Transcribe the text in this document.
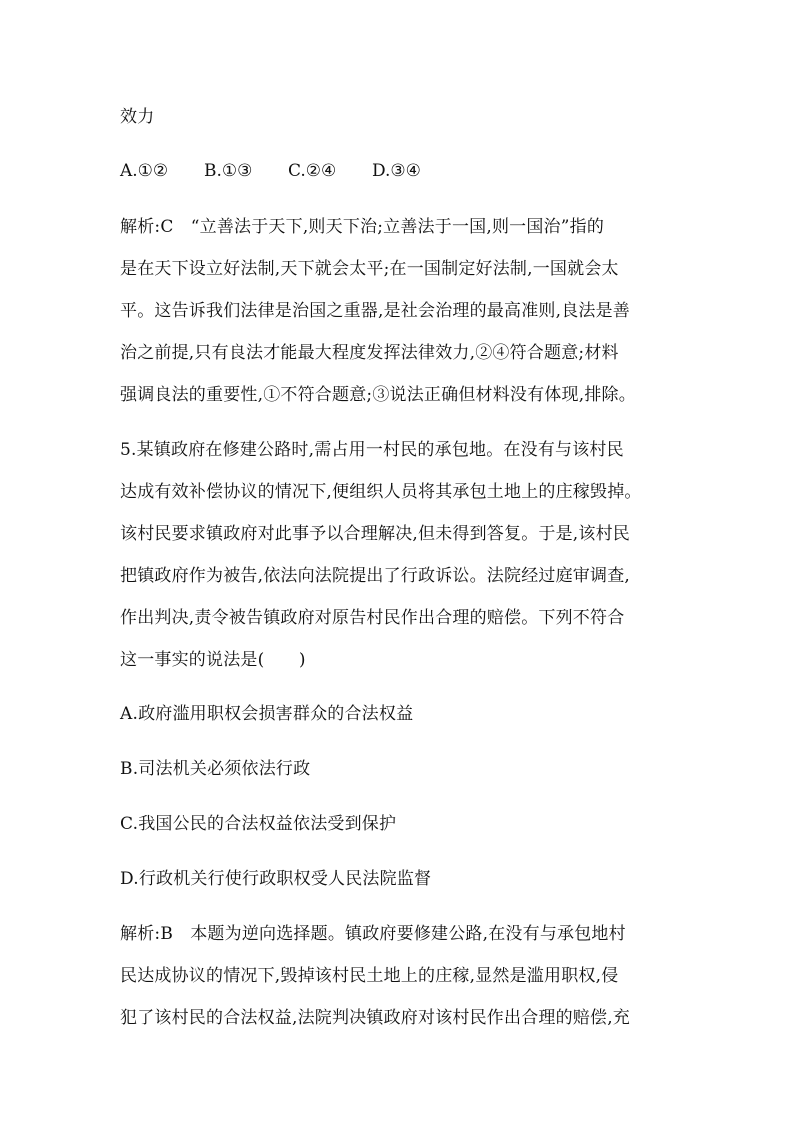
效力
A.①② B.①③ C.②④ D.③④
解析:C　“立善法于天下,则天下治;立善法于一国,则一国治”指的
是在天下设立好法制,天下就会太平;在一国制定好法制,一国就会太
平。这告诉我们法律是治国之重器,是社会治理的最高准则,良法是善
治之前提,只有良法才能最大程度发挥法律效力,②④符合题意;材料
强调良法的重要性,①不符合题意;③说法正确但材料没有体现,排除。
5.某镇政府在修建公路时,需占用一村民的承包地。在没有与该村民
达成有效补偿协议的情况下,便组织人员将其承包土地上的庄稼毁掉。
该村民要求镇政府对此事予以合理解决,但未得到答复。于是,该村民
把镇政府作为被告,依法向法院提出了行政诉讼。法院经过庭审调查,
作出判决,责令被告镇政府对原告村民作出合理的赔偿。下列不符合
这一事实的说法是(　　)
A.政府滥用职权会损害群众的合法权益
B.司法机关必须依法行政
C.我国公民的合法权益依法受到保护
D.行政机关行使行政职权受人民法院监督
解析:B　本题为逆向选择题。镇政府要修建公路,在没有与承包地村
民达成协议的情况下,毁掉该村民土地上的庄稼,显然是滥用职权,侵
犯了该村民的合法权益,法院判决镇政府对该村民作出合理的赔偿,充
